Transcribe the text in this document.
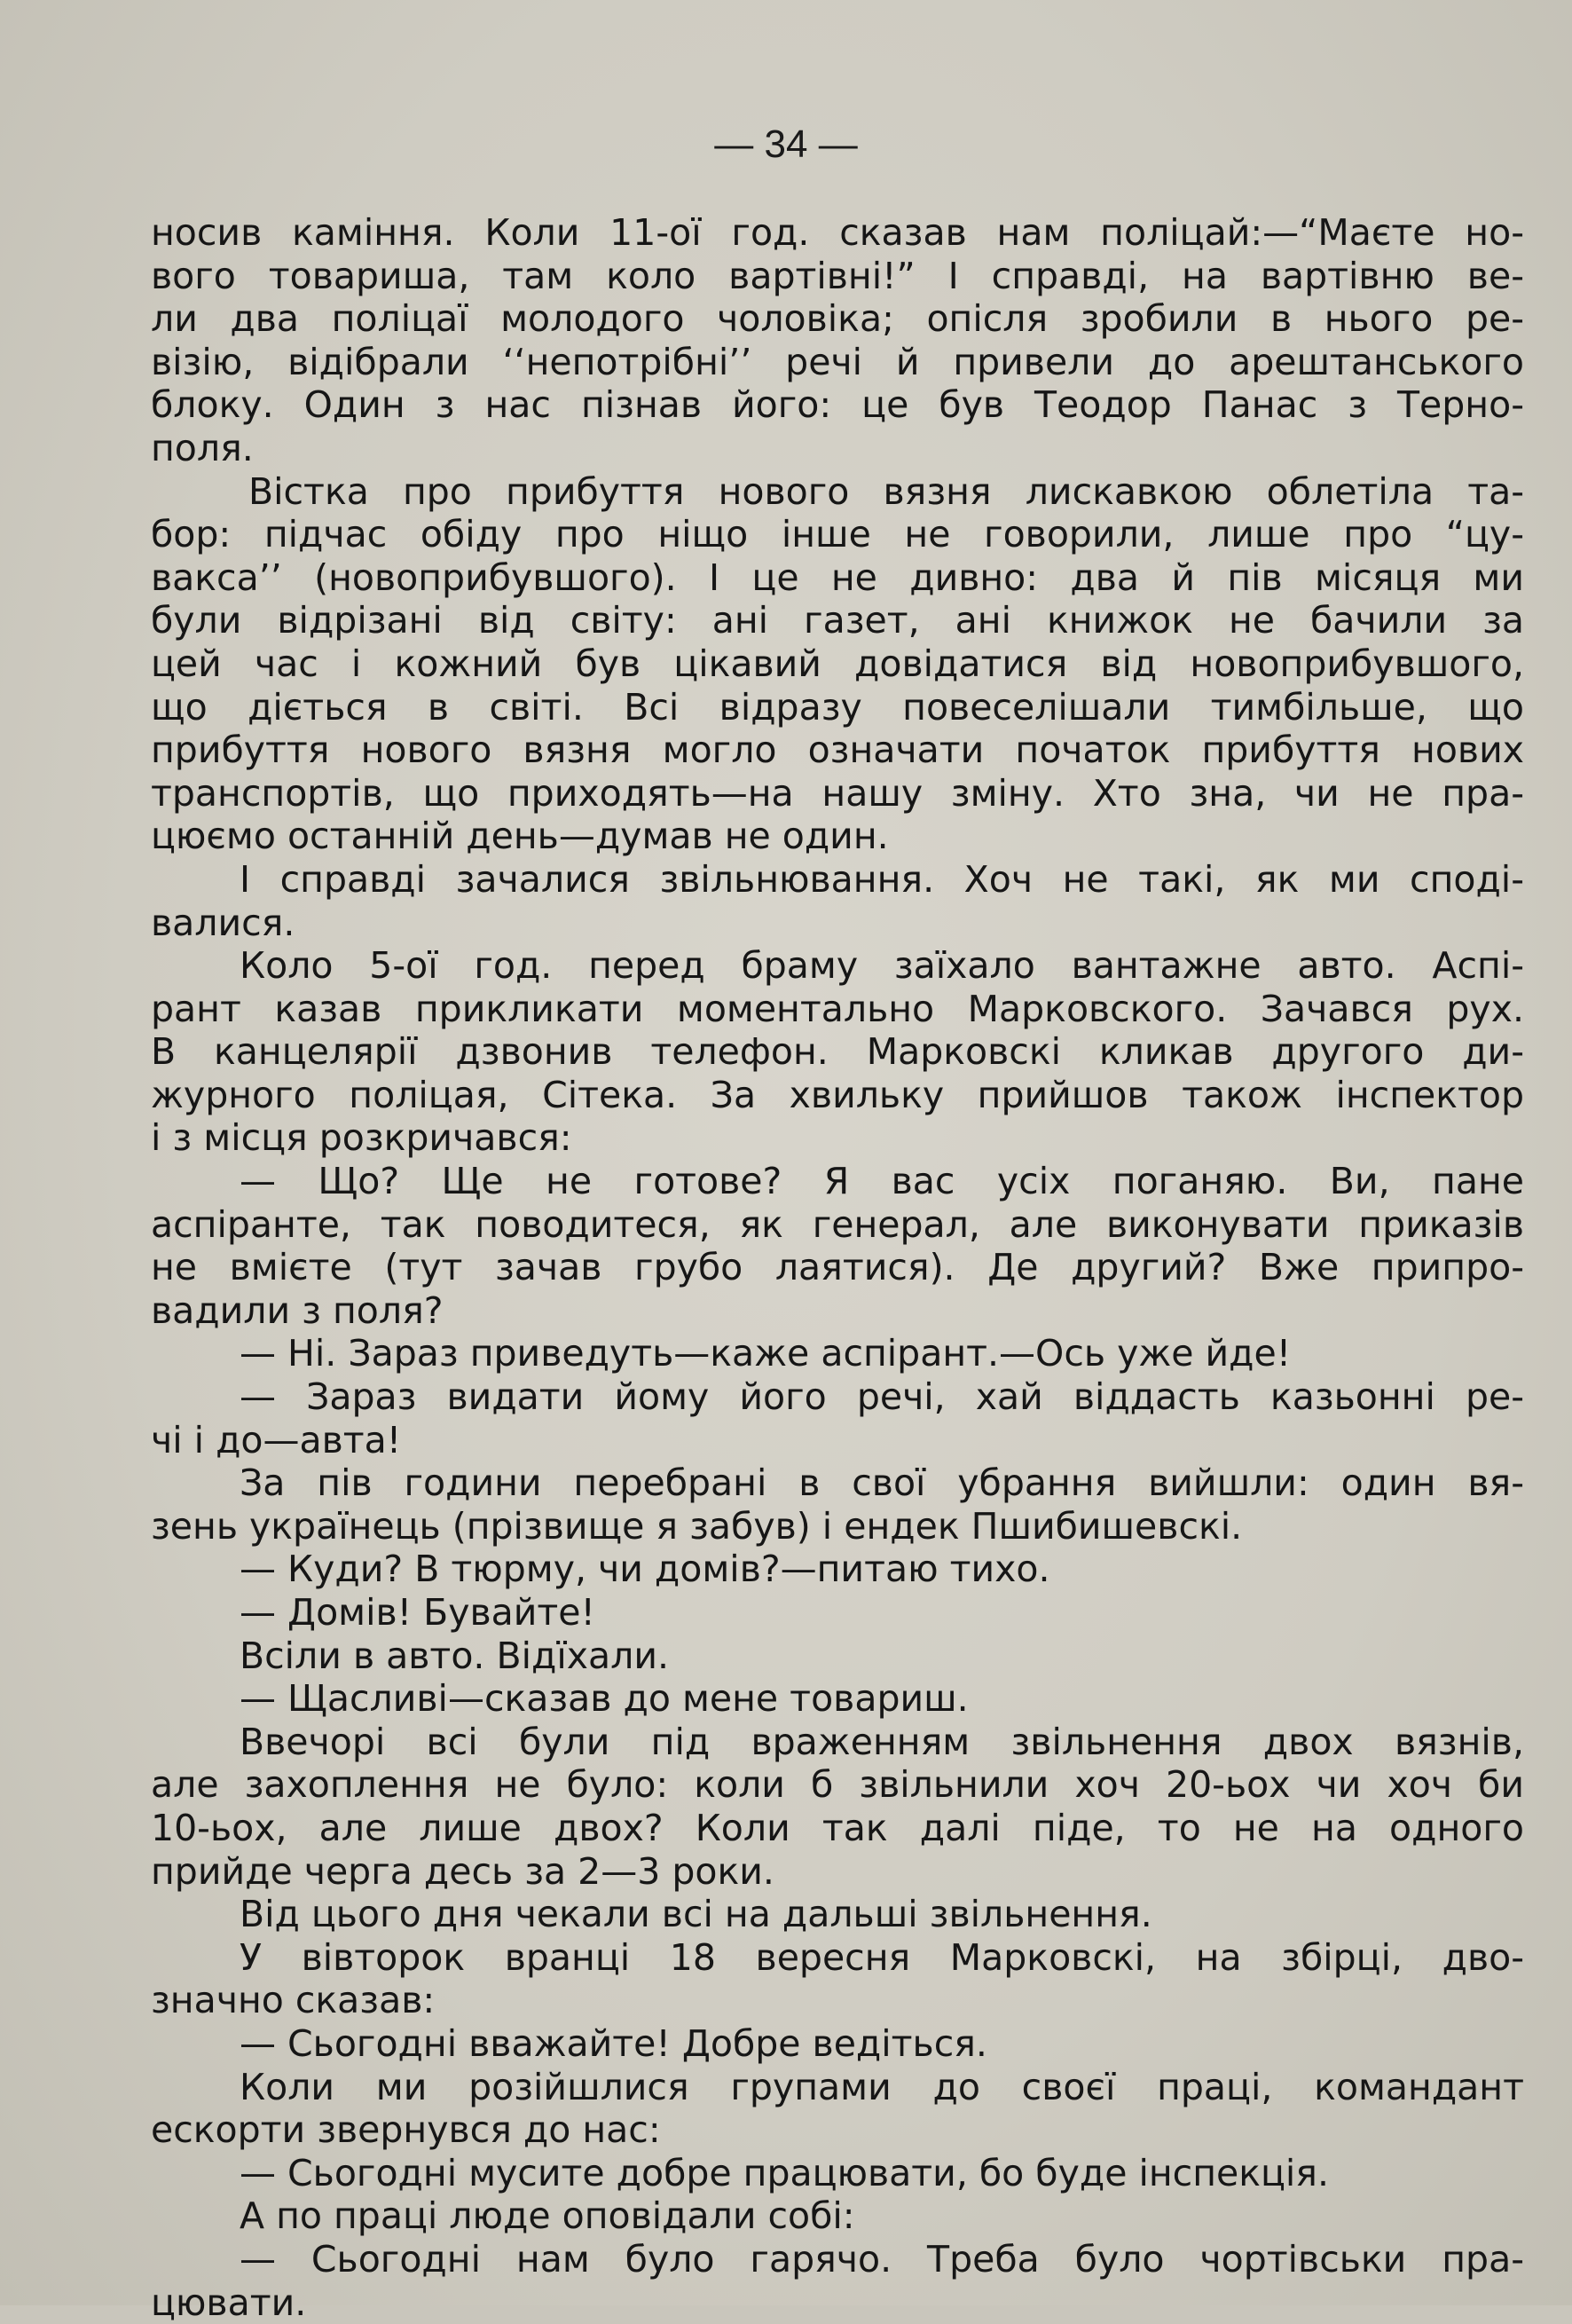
— 34 —
носив каміння. Коли 11-ої год. сказав нам поліцай:—“Маєте но-
вого товариша, там коло вартівні!” І справді, на вартівню ве-
ли два поліцаї молодого чоловіка; опісля зробили в нього ре-
візію, відібрали ‘‘непотрібні’’ речі й привели до арештанського
блоку. Один з нас пізнав його: це був Теодор Панас з Терно-
поля.
Вістка про прибуття нового вязня лискавкою облетіла та-
бор: підчас обіду про ніщо інше не говорили, лише про “цу-
вакса’’ (новоприбувшого). І це не дивно: два й пів місяця ми
були відрізані від світу: ані газет, ані книжок не бачили за
цей час і кожний був цікавий довідатися від новоприбувшого,
що діється в світі. Всі відразу повеселішали тимбільше, що
прибуття нового вязня могло означати початок прибуття нових
транспортів, що приходять—на нашу зміну. Хто зна, чи не пра-
цюємо останній день—думав не один.
І справді зачалися звільнювання. Хоч не такі, як ми споді-
валися.
Коло 5-ої год. перед браму заїхало вантажне авто. Аспі-
рант казав прикликати моментально Марковского. Зачався рух.
В канцелярії дзвонив телефон. Марковскі кликав другого ди-
журного поліцая, Сітека. За хвильку прийшов також інспектор
і з місця розкричався:
— Що? Ще не готове? Я вас усіх поганяю. Ви, пане
аспіранте, так поводитеся, як генерал, але виконувати приказів
не вмієте (тут зачав грубо лаятися). Де другий? Вже припро-
вадили з поля?
— Ні. Зараз приведуть—каже аспірант.—Ось уже йде!
— Зараз видати йому його речі, хай віддасть казьонні ре-
чі і до—авта!
За пів години перебрані в свої убрання вийшли: один вя-
зень українець (прізвище я забув) і ендек Пшибишевскі.
— Куди? В тюрму, чи домів?—питаю тихо.
— Домів! Бувайте!
Всіли в авто. Відїхали.
— Щасливі—сказав до мене товариш.
Ввечорі всі були під враженням звільнення двох вязнів,
але захоплення не було: коли б звільнили хоч 20-ьох чи хоч би
10-ьох, але лише двох? Коли так далі піде, то не на одного
прийде черга десь за 2—3 роки.
Від цього дня чекали всі на дальші звільнення.
У вівторок вранці 18 вересня Марковскі, на збірці, дво-
значно сказав:
— Сьогодні вважайте! Добре ведіться.
Коли ми розійшлися групами до своєї праці, командант
ескорти звернувся до нас:
— Сьогодні мусите добре працювати, бо буде інспекція.
А по праці люде оповідали собі:
— Сьогодні нам було гарячо. Треба було чортівськи пра-
цювати.
